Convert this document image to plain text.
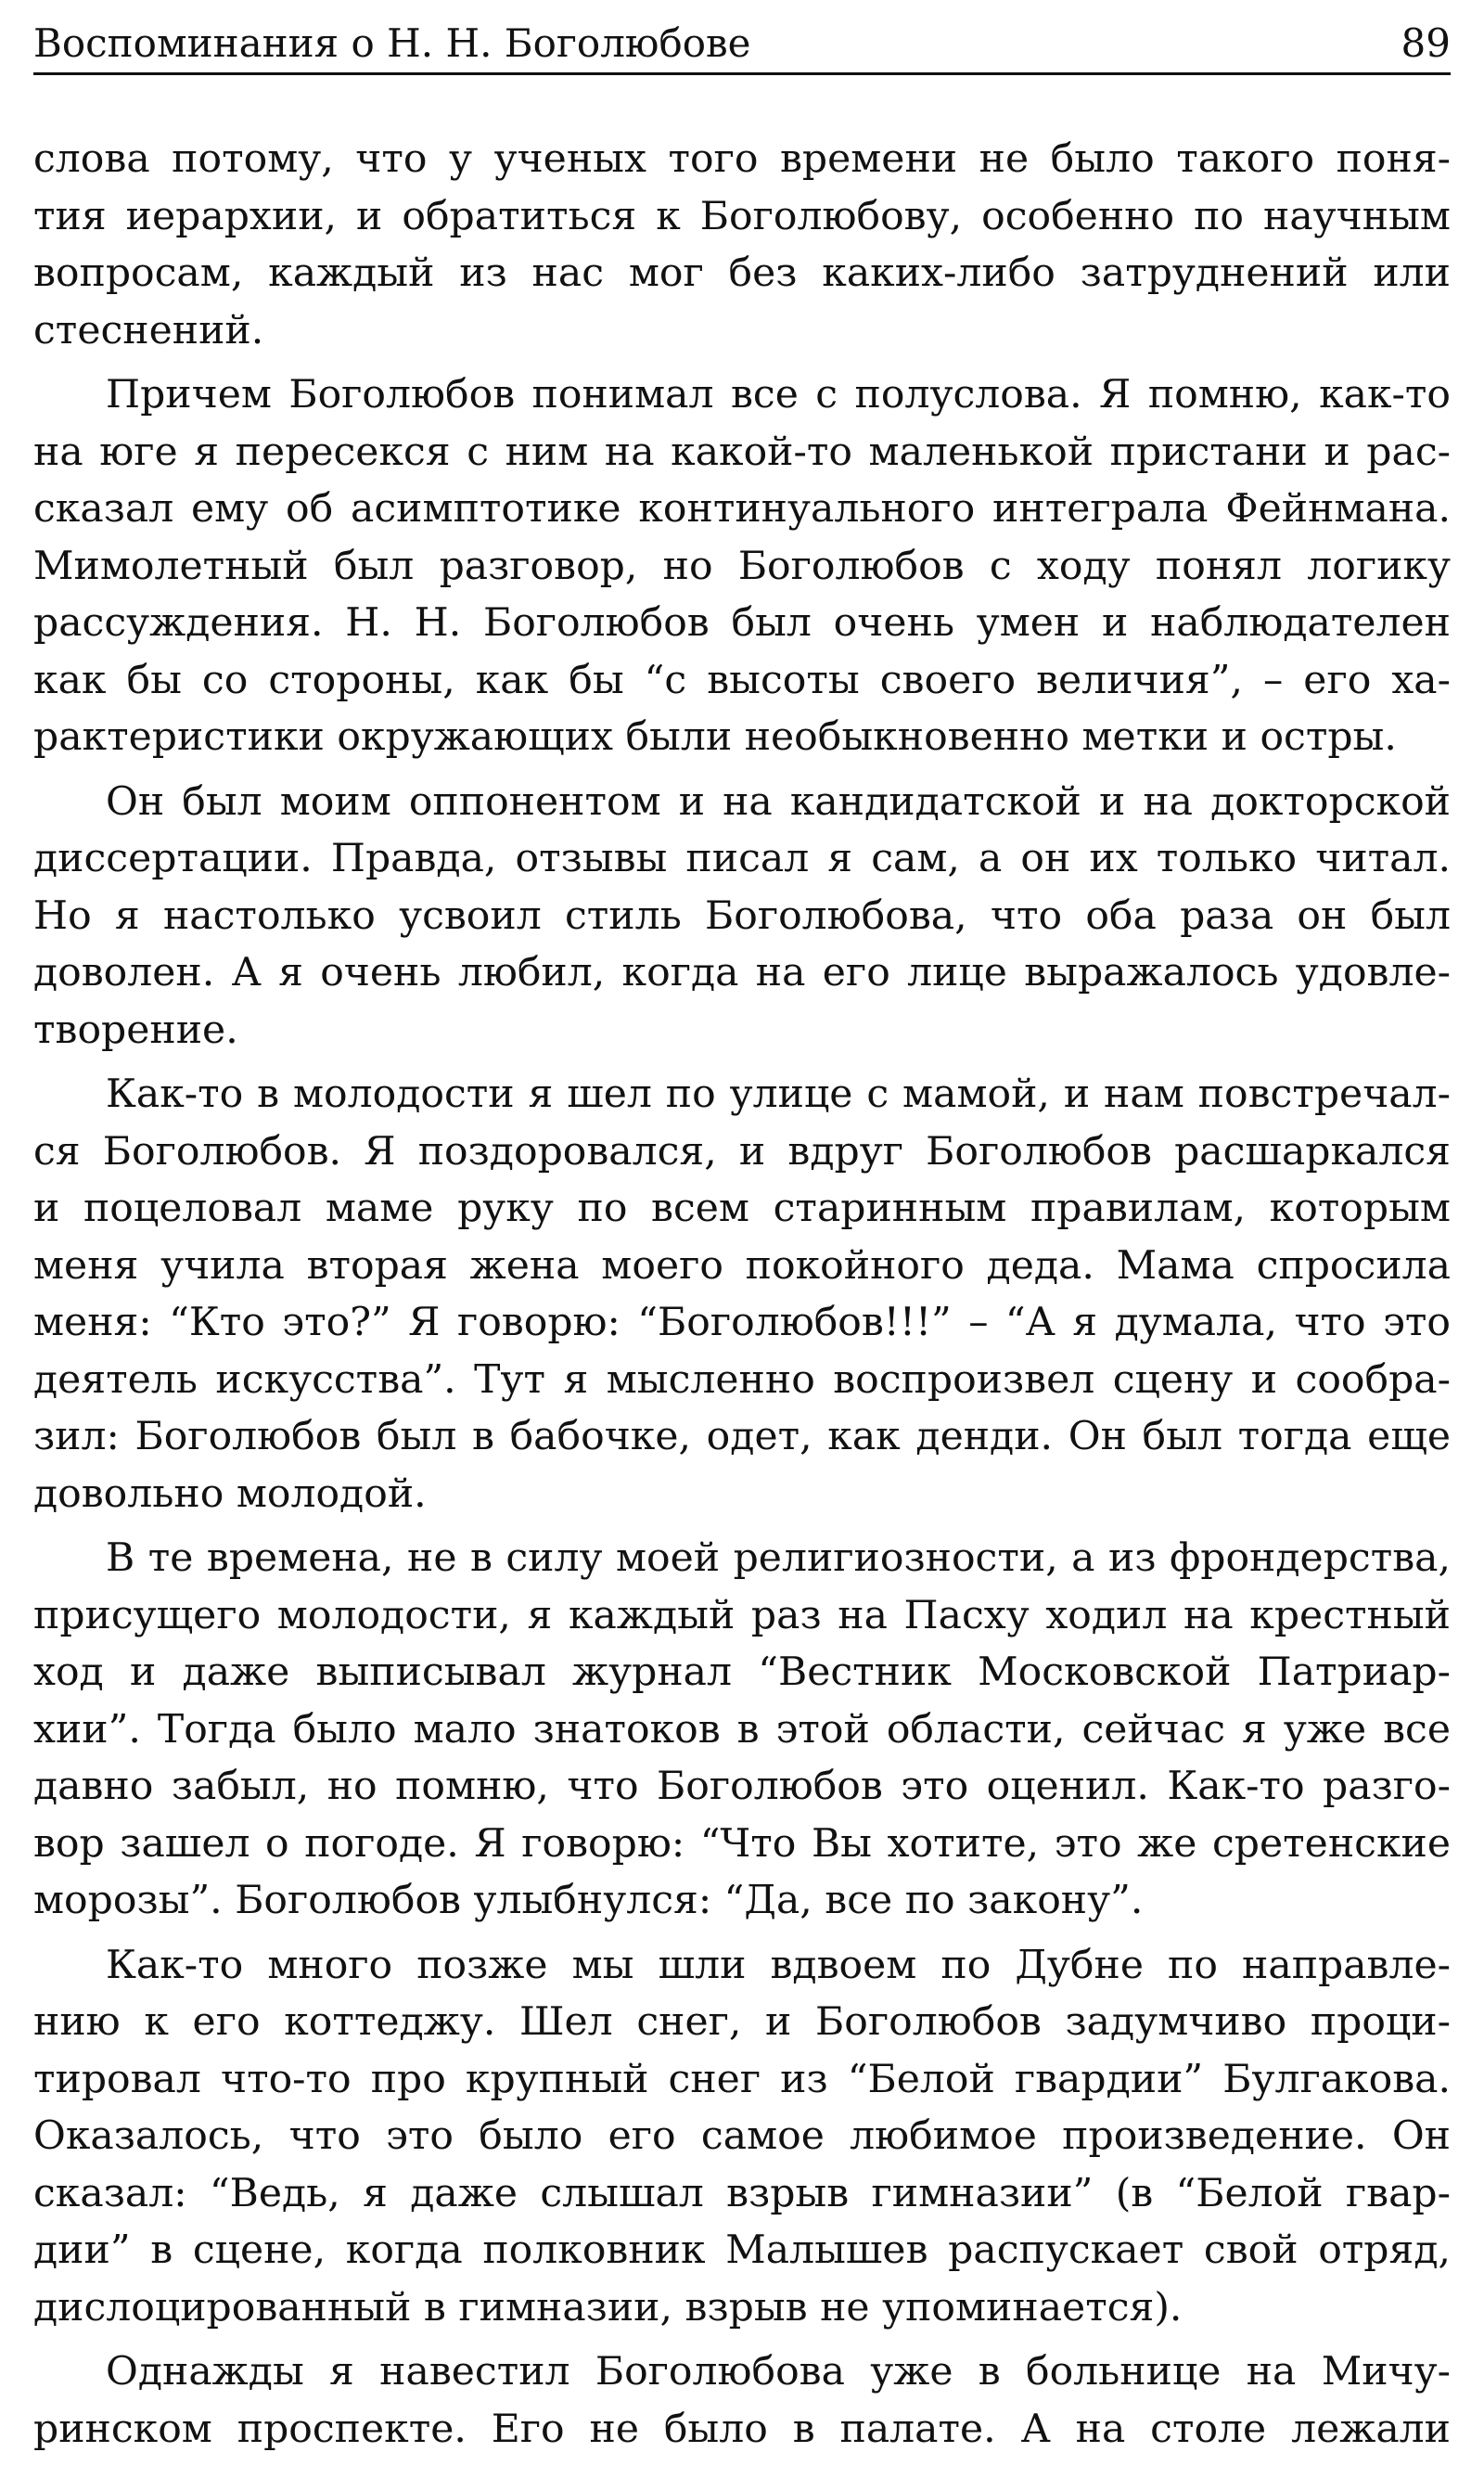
Воспоминания о Н. Н. Боголюбове	89
слова потому, что у ученых того времени не было такого поня-
тия иерархии, и обратиться к Боголюбову, особенно по научным
вопросам, каждый из нас мог без каких-либо затруднений или
стеснений.
Причем Боголюбов понимал все с полуслова. Я помню, как-то
на юге я пересекся с ним на какой-то маленькой пристани и рас-
сказал ему об асимптотике континуального интеграла Фейнмана.
Мимолетный был разговор, но Боголюбов с ходу понял логику
рассуждения. Н. Н. Боголюбов был очень умен и наблюдателен
как бы со стороны, как бы “с высоты своего величия”, – его ха-
рактеристики окружающих были необыкновенно метки и остры.
Он был моим оппонентом и на кандидатской и на докторской
диссертации. Правда, отзывы писал я сам, а он их только читал.
Но я настолько усвоил стиль Боголюбова, что оба раза он был
доволен. А я очень любил, когда на его лице выражалось удовле-
творение.
Как-то в молодости я шел по улице с мамой, и нам повстречал-
ся Боголюбов. Я поздоровался, и вдруг Боголюбов расшаркался
и поцеловал маме руку по всем старинным правилам, которым
меня учила вторая жена моего покойного деда. Мама спросила
меня: “Кто это?” Я говорю: “Боголюбов!!!” – “А я думала, что это
деятель искусства”. Тут я мысленно воспроизвел сцену и сообра-
зил: Боголюбов был в бабочке, одет, как денди. Он был тогда еще
довольно молодой.
В те времена, не в силу моей религиозности, а из фрондерства,
присущего молодости, я каждый раз на Пасху ходил на крестный
ход и даже выписывал журнал “Вестник Московской Патриар-
хии”. Тогда было мало знатоков в этой области, сейчас я уже все
давно забыл, но помню, что Боголюбов это оценил. Как-то разго-
вор зашел о погоде. Я говорю: “Что Вы хотите, это же сретенские
морозы”. Боголюбов улыбнулся: “Да, все по закону”.
Как-то много позже мы шли вдвоем по Дубне по направле-
нию к его коттеджу. Шел снег, и Боголюбов задумчиво проци-
тировал что-то про крупный снег из “Белой гвардии” Булгакова.
Оказалось, что это было его самое любимое произведение. Он
сказал: “Ведь, я даже слышал взрыв гимназии” (в “Белой гвар-
дии” в сцене, когда полковник Малышев распускает свой отряд,
дислоцированный в гимназии, взрыв не упоминается).
Однажды я навестил Боголюбова уже в больнице на Мичу-
ринском проспекте. Его не было в палате. А на столе лежали
